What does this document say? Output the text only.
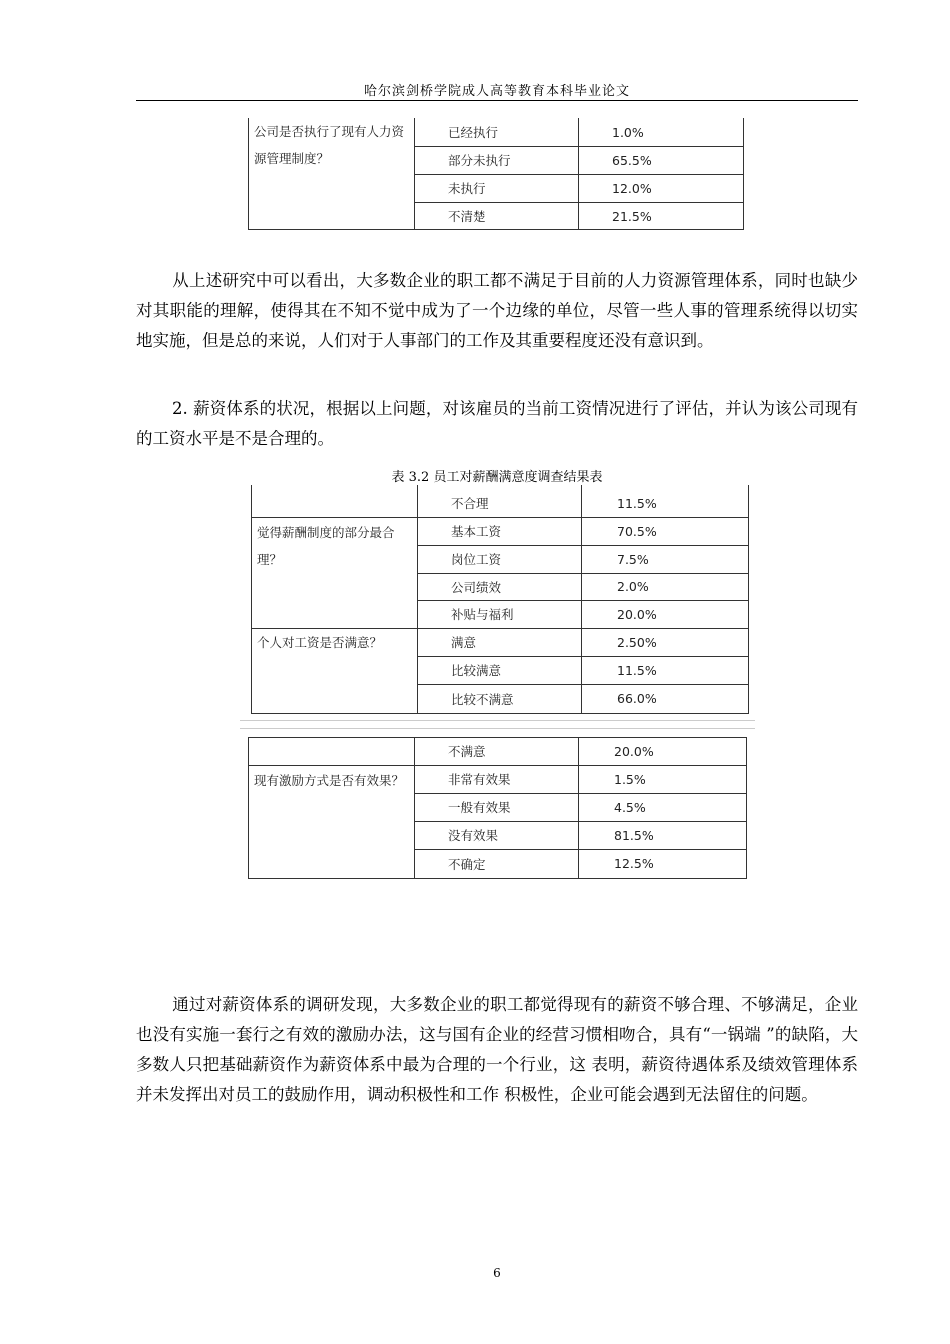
哈尔滨剑桥学院成人高等教育本科毕业论文
公司是否执行了现有人力资源管理制度？
已经执行	1.0%
部分未执行	65.5%
未执行	12.0%
不清楚	21.5%
从上述研究中可以看出，大多数企业的职工都不满足于目前的人力资源管理体系，同时也缺少对其职能的理解，使得其在不知不觉中成为了一个边缘的单位，尽管一些人事的管理系统得以切实地实施，但是总的来说，人们对于人事部门的工作及其重要程度还没有意识到。
2. 薪资体系的状况，根据以上问题，对该雇员的当前工资情况进行了评估，并认为该公司现有的工资水平是不是合理的。
表 3.2 员工对薪酬满意度调查结果表
不合理	11.5%
觉得薪酬制度的部分最合理？
基本工资	70.5%
岗位工资	7.5%
公司绩效	2.0%
补贴与福利	20.0%
个人对工资是否满意？	满意	2.50%
比较满意	11.5%
比较不满意	66.0%
不满意	20.0%
现有激励方式是否有效果？	非常有效果	1.5%
一般有效果	4.5%
没有效果	81.5%
不确定	12.5%
通过对薪资体系的调研发现，大多数企业的职工都觉得现有的薪资不够合理、不够满足，企业也没有实施一套行之有效的激励办法，这与国有企业的经营习惯相吻合，具有“一锅端 ”的缺陷，大多数人只把基础薪资作为薪资体系中最为合理的一个行业，这 表明，薪资待遇体系及绩效管理体系并未发挥出对员工的鼓励作用，调动积极性和工作 积极性，企业可能会遇到无法留住的问题。
6
